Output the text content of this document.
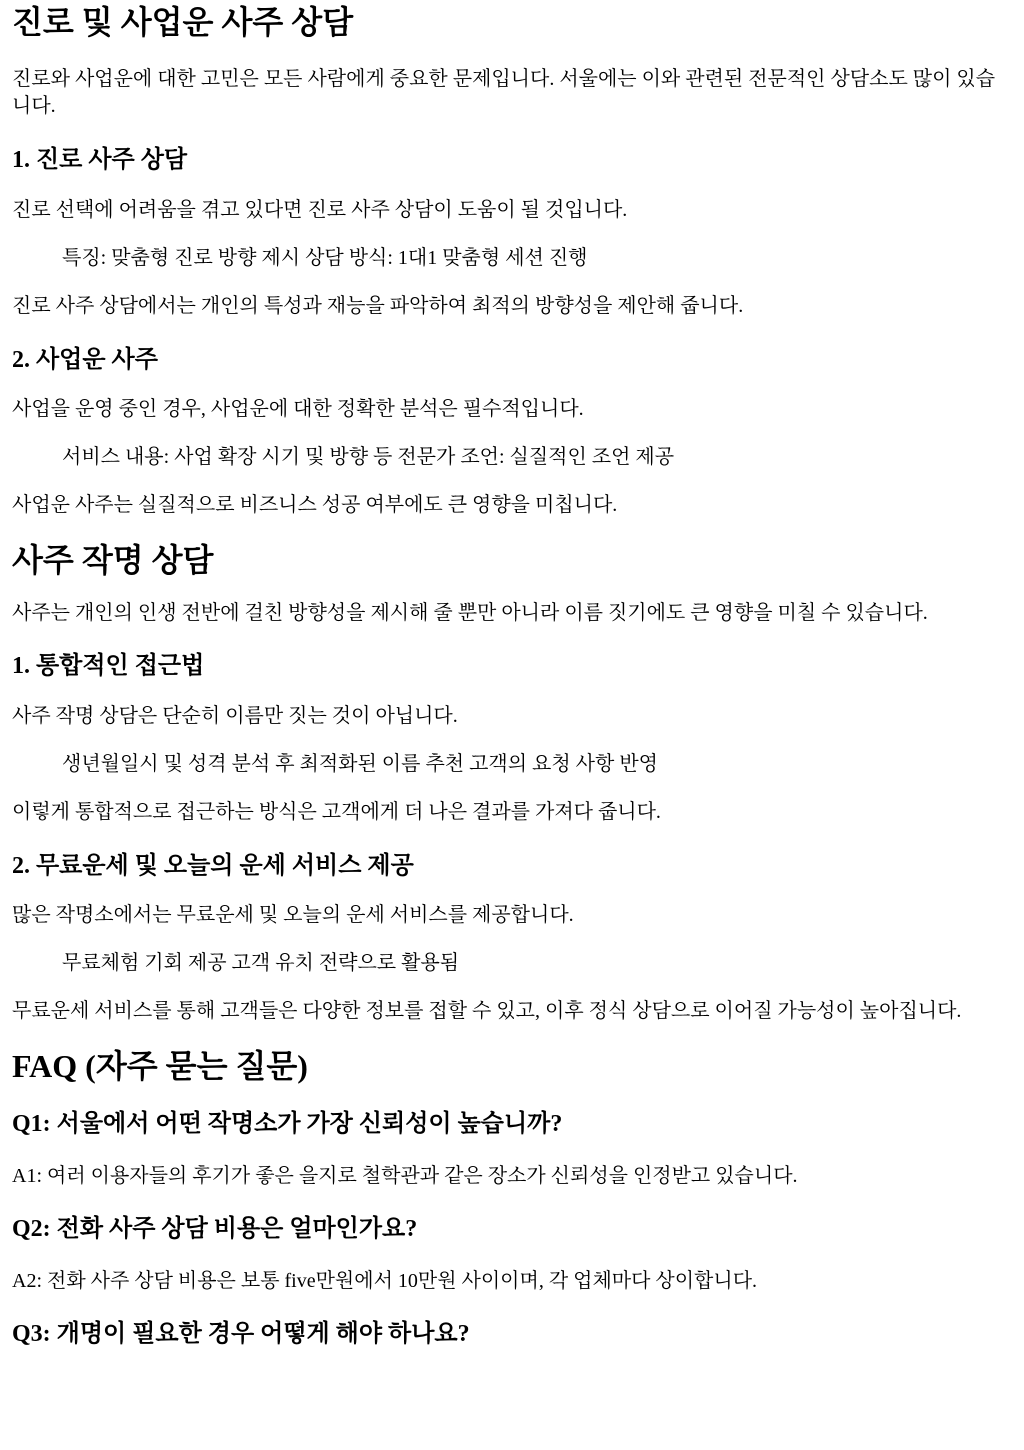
진로 및 사업운 사주 상담

진로와 사업운에 대한 고민은 모든 사람에게 중요한 문제입니다. 서울에는 이와 관련된 전문적인 상담소도 많이 있습니다.

1. 진로 사주 상담

진로 선택에 어려움을 겪고 있다면 진로 사주 상담이 도움이 될 것입니다.

특징: 맞춤형 진로 방향 제시 상담 방식: 1대1 맞춤형 세션 진행

진로 사주 상담에서는 개인의 특성과 재능을 파악하여 최적의 방향성을 제안해 줍니다.

2. 사업운 사주

사업을 운영 중인 경우, 사업운에 대한 정확한 분석은 필수적입니다.

서비스 내용: 사업 확장 시기 및 방향 등 전문가 조언: 실질적인 조언 제공

사업운 사주는 실질적으로 비즈니스 성공 여부에도 큰 영향을 미칩니다.

사주 작명 상담

사주는 개인의 인생 전반에 걸친 방향성을 제시해 줄 뿐만 아니라 이름 짓기에도 큰 영향을 미칠 수 있습니다.

1. 통합적인 접근법

사주 작명 상담은 단순히 이름만 짓는 것이 아닙니다.

생년월일시 및 성격 분석 후 최적화된 이름 추천 고객의 요청 사항 반영

이렇게 통합적으로 접근하는 방식은 고객에게 더 나은 결과를 가져다 줍니다.

2. 무료운세 및 오늘의 운세 서비스 제공

많은 작명소에서는 무료운세 및 오늘의 운세 서비스를 제공합니다.

무료체험 기회 제공 고객 유치 전략으로 활용됨

무료운세 서비스를 통해 고객들은 다양한 정보를 접할 수 있고, 이후 정식 상담으로 이어질 가능성이 높아집니다.

FAQ (자주 묻는 질문)
Q1: 서울에서 어떤 작명소가 가장 신뢰성이 높습니까?

A1: 여러 이용자들의 후기가 좋은 을지로 철학관과 같은 장소가 신뢰성을 인정받고 있습니다.

Q2: 전화 사주 상담 비용은 얼마인가요?

A2: 전화 사주 상담 비용은 보통 five만원에서 10만원 사이이며, 각 업체마다 상이합니다.

Q3: 개명이 필요한 경우 어떻게 해야 하나요?
